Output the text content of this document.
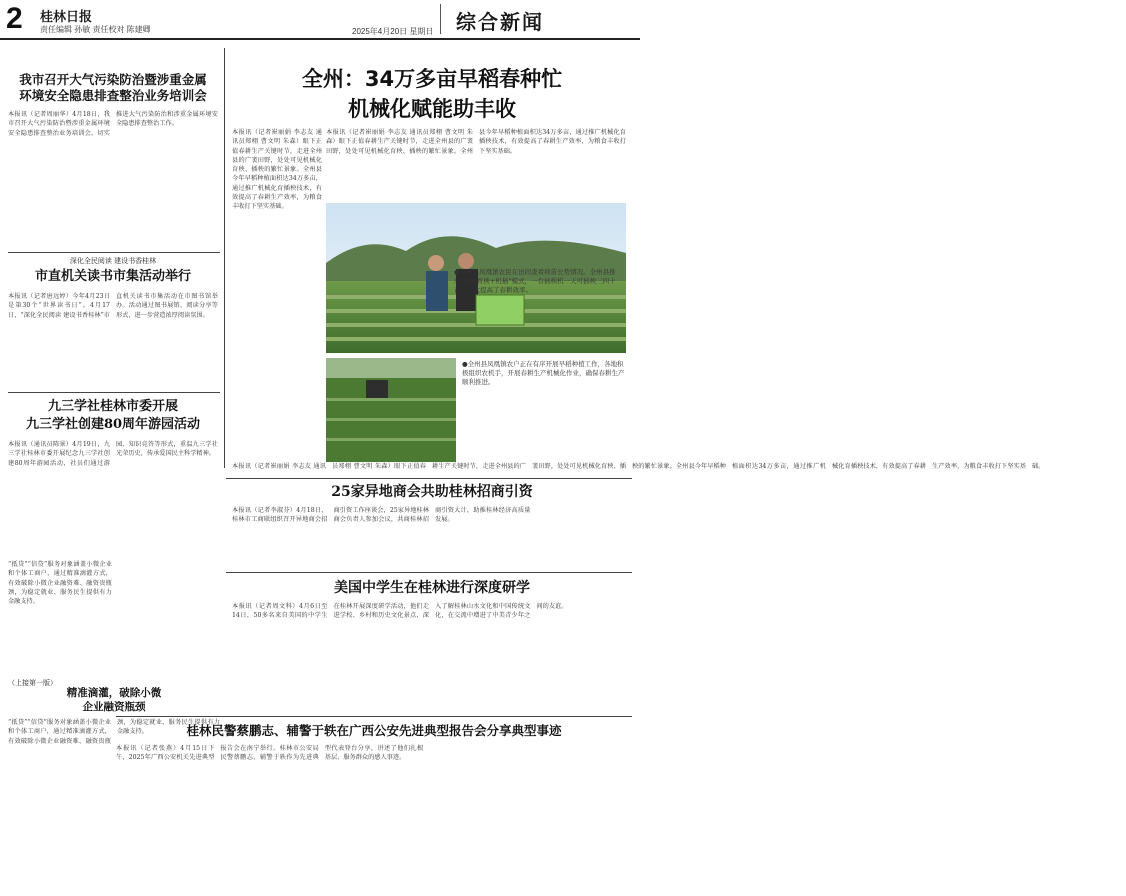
2 桂林日报
责任编辑 孙敏 责任校对 陈建卿	2025年4月20日 星期日 综合新闻
我市召开大气污染防治暨涉重金属
环境安全隐患排查整治业务培训会
本报讯（记者周丽华）4月18日，我市召开大气污染防治暨涉重金属环境安全隐患排查整治业务培训会，切实推进大气污染防治和涉重金属环境安全隐患排查整治工作。
深化全民阅读 建设书香桂林
市直机关读书市集活动举行
本报讯（记者唐远婷）今年4月23日是第30个“世界读书日”。4月17日，“深化全民阅读 建设书香桂林”市直机关读书市集活动在市图书馆举办。活动通过图书展销、阅读分享等形式，进一步营造浓厚阅读氛围。
九三学社桂林市委开展
九三学社创建80周年游园活动
本报讯（通讯员陈景）4月19日，九三学社桂林市委开展纪念九三学社创建80周年游园活动，社员们通过游园、知识竞答等形式，重温九三学社光荣历史，传承爱国民主科学精神。
“抵贷”“信贷”服务对象涵盖小微企业和个体工商户，通过精准滴灌方式，有效破除小微企业融资难、融资贵瓶颈，为稳定就业、服务民生提供有力金融支持。
（上接第一版）
精准滴灌，破除小微
企业融资瓶颈
“抵贷”“信贷”服务对象涵盖小微企业和个体工商户，通过精准滴灌方式，有效破除小微企业融资难、融资贵瓶颈，为稳定就业、服务民生提供有力金融支持。
全州：34万多亩早稻春种忙
机械化赋能助丰收
本报讯（记者崔丽娟 李志友 通讯员郑栩 曹文明 朱森）眼下正值春耕生产关键时节，走进全州县的广袤田野，处处可见机械化育秧、插秧的繁忙景象。全州县今年早稻种植面积达34万多亩，通过推广机械化育插秧技术，有效提高了春耕生产效率，为粮食丰收打下坚实基础。
本报讯（记者崔丽娟 李志友 通讯员郑栩 曹文明 朱森）眼下正值春耕生产关键时节，走进全州县的广袤田野，处处可见机械化育秧、插秧的繁忙景象。全州县今年早稻种植面积达34万多亩，通过推广机械化育插秧技术，有效提高了春耕生产效率，为粮食丰收打下坚实基础。
●全州县凤凰镇农民在田间查看秧苗长势情况。全州县推广“机械育秧+机插”模式，一台插秧机一天可插秧三四十亩，大大提高了春耕效率。
●全州县凤凰镇农户正在有序开展早稻种植工作，各地积极组织农机手，开展春耕生产机械化作业，确保春耕生产顺利推进。
本报讯（记者崔丽娟 李志友 通讯员郑栩 曹文明 朱森）眼下正值春耕生产关键时节，走进全州县的广袤田野，处处可见机械化育秧、插秧的繁忙景象。全州县今年早稻种植面积达34万多亩，通过推广机械化育插秧技术，有效提高了春耕生产效率，为粮食丰收打下坚实基础。
25家异地商会共助桂林招商引资
本报讯（记者李淑芬）4月18日，桂林市工商联组织召开异地商会招商引资工作座谈会，25家异地桂林商会负责人参加会议，共商桂林招商引资大计，助推桂林经济高质量发展。
美国中学生在桂林进行深度研学
本报讯（记者周文科）4月6日至14日，50多名来自美国的中学生在桂林开展深度研学活动，他们走进学校、乡村和历史文化景点，深入了解桂林山水文化和中国传统文化，在交流中增进了中美青少年之间的友谊。
桂林民警蔡鹏志、辅警于轶在广西公安先进典型报告会分享典型事迹
本报讯（记者张燕）4月15日下午，2025年广西公安机关先进典型报告会在南宁举行。桂林市公安局民警蔡鹏志、辅警于轶作为先进典型代表登台分享，讲述了他们扎根基层、服务群众的感人事迹。
